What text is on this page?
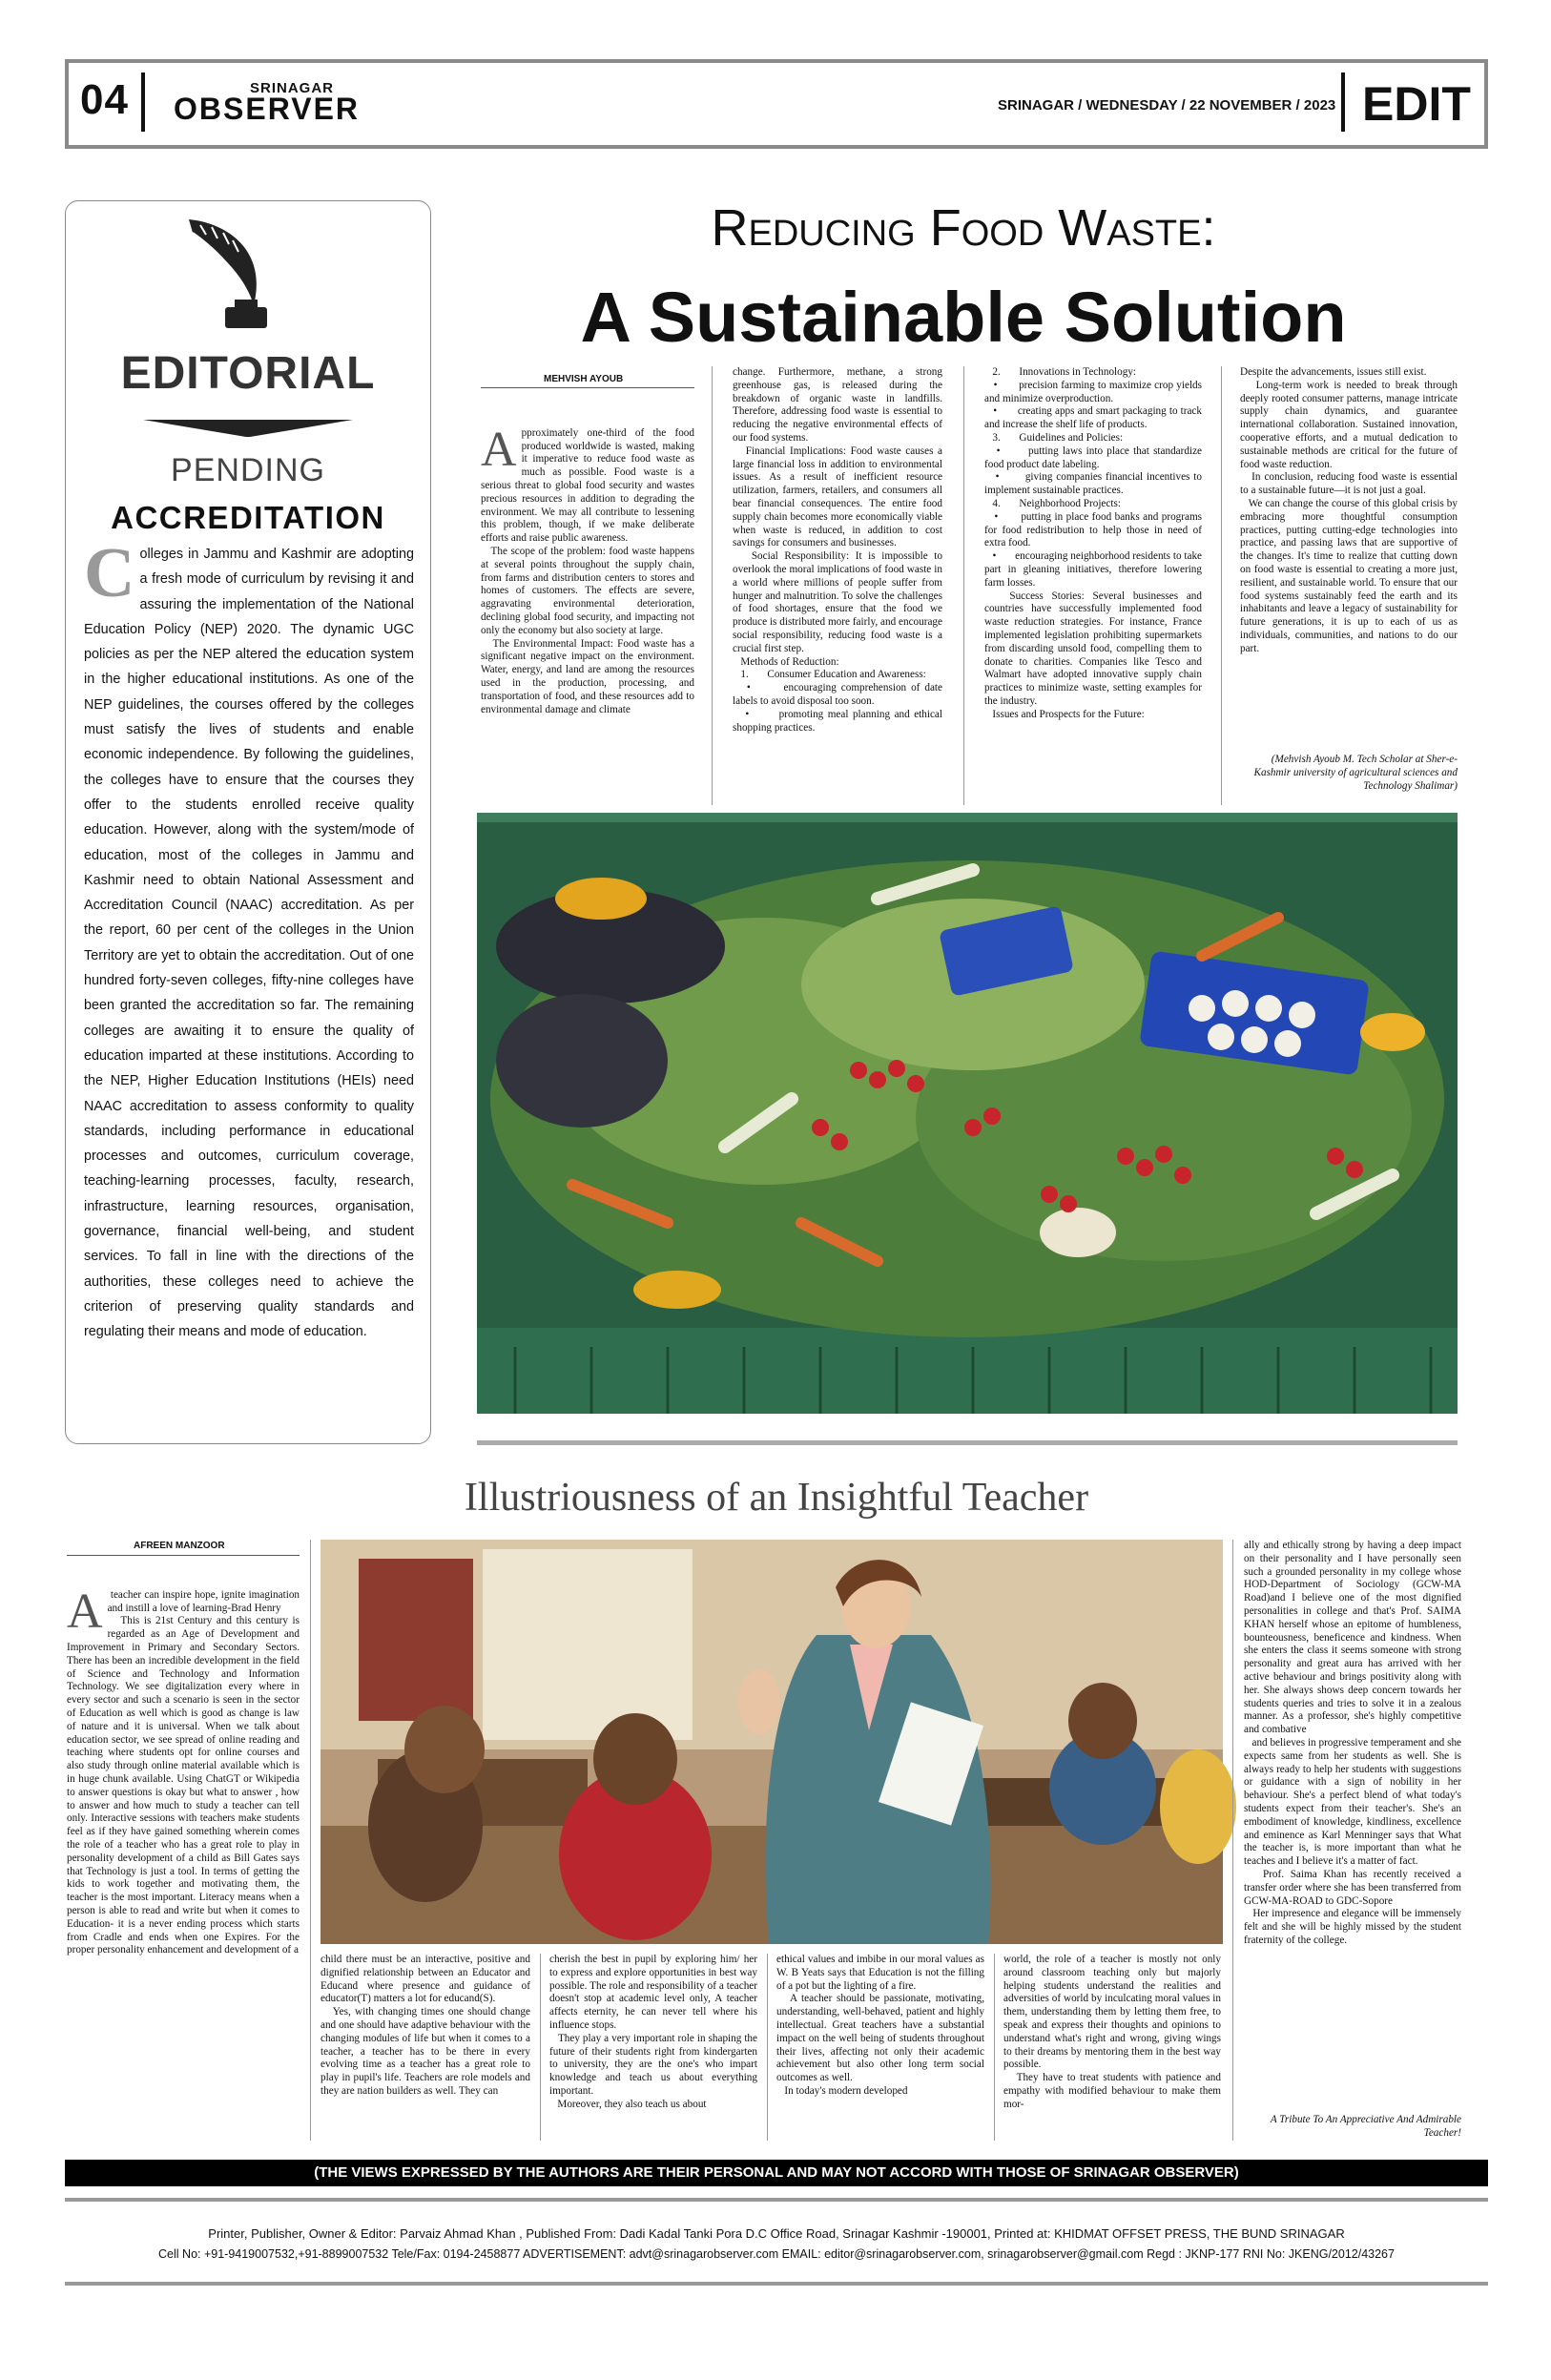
04	SRINAGAR
OBSERVER	SRINAGAR / WEDNESDAY / 22 NOVEMBER / 2023 EDIT
EDITORIAL
PENDING
ACCREDITATION
Colleges in Jammu and Kashmir are adopting a fresh mode of curriculum by revising it and assuring the implementation of the National Education Policy (NEP) 2020. The dynamic UGC policies as per the NEP altered the education system in the higher educational institutions. As one of the NEP guidelines, the courses offered by the colleges must satisfy the lives of students and enable economic independence. By following the guidelines, the colleges have to ensure that the courses they offer to the students enrolled receive quality education. However, along with the system/mode of education, most of the colleges in Jammu and Kashmir need to obtain National Assessment and Accreditation Council (NAAC) accreditation. As per the report, 60 per cent of the colleges in the Union Territory are yet to obtain the accreditation. Out of one hundred forty-seven colleges, fifty-nine colleges have been granted the accreditation so far. The remaining colleges are awaiting it to ensure the quality of education imparted at these institutions. According to the NEP, Higher Education Institutions (HEIs) need NAAC accreditation to assess conformity to quality standards, including performance in educational processes and outcomes, curriculum coverage, teaching-learning processes, faculty, research, infrastructure, learning resources, organisation, governance, financial well-being, and student services. To fall in line with the directions of the authorities, these colleges need to achieve the criterion of preserving quality standards and regulating their means and mode of education.
Reducing Food Waste:
A Sustainable Solution
MEHVISH AYOUB

Approximately one-third of the food produced worldwide is wasted, making it imperative to reduce food waste as much as possible. Food waste is a serious threat to global food security and wastes precious resources in addition to degrading the environment. We may all contribute to lessening this problem, though, if we make deliberate efforts and raise public awareness.
The scope of the problem: food waste happens at several points throughout the supply chain, from farms and distribution centers to stores and homes of customers. The effects are severe, aggravating environmental deterioration, declining global food security, and impacting not only the economy but also society at large.
The Environmental Impact: Food waste has a significant negative impact on the environment. Water, energy, and land are among the resources used in the production, processing, and transportation of food, and these resources add to environmental damage and climate
change. Furthermore, methane, a strong greenhouse gas, is released during the breakdown of organic waste in landfills. Therefore, addressing food waste is essential to reducing the negative environmental effects of our food systems.
Financial Implications: Food waste causes a large financial loss in addition to environmental issues. As a result of inefficient resource utilization, farmers, retailers, and consumers all bear financial consequences. The entire food supply chain becomes more economically viable when waste is reduced, in addition to cost savings for consumers and businesses.
Social Responsibility: It is impossible to overlook the moral implications of food waste in a world where millions of people suffer from hunger and malnutrition. To solve the challenges of food shortages, ensure that the food we produce is distributed more fairly, and encourage social responsibility, reducing food waste is a crucial first step.
Methods of Reduction:
1.       Consumer Education and Awareness:
•       encouraging comprehension of date labels to avoid disposal too soon.
•       promoting meal planning and ethical shopping practices.
2.       Innovations in Technology:
•       precision farming to maximize crop yields and minimize overproduction.
•       creating apps and smart packaging to track and increase the shelf life of products.
3.       Guidelines and Policies:
•       putting laws into place that standardize food product date labeling.
•       giving companies financial incentives to implement sustainable practices.
4.       Neighborhood Projects:
•       putting in place food banks and programs for food redistribution to help those in need of extra food.
•       encouraging neighborhood residents to take part in gleaning initiatives, therefore lowering farm losses.
Success Stories: Several businesses and countries have successfully implemented food waste reduction strategies. For instance, France implemented legislation prohibiting supermarkets from discarding unsold food, compelling them to donate to charities. Companies like Tesco and Walmart have adopted innovative supply chain practices to minimize waste, setting examples for the industry.
Issues and Prospects for the Future:
Despite the advancements, issues still exist.
Long-term work is needed to break through deeply rooted consumer patterns, manage intricate supply chain dynamics, and guarantee international collaboration. Sustained innovation, cooperative efforts, and a mutual dedication to sustainable methods are critical for the future of food waste reduction.
In conclusion, reducing food waste is essential to a sustainable future—it is not just a goal.
We can change the course of this global crisis by embracing more thoughtful consumption practices, putting cutting-edge technologies into practice, and passing laws that are supportive of the changes. It's time to realize that cutting down on food waste is essential to creating a more just, resilient, and sustainable world. To ensure that our food systems sustainably feed the earth and its inhabitants and leave a legacy of sustainability for future generations, it is up to each of us as individuals, communities, and nations to do our part.
(Mehvish Ayoub M. Tech Scholar at Sher-e-Kashmir university of agricultural sciences and Technology Shalimar)
Illustriousness of an Insightful Teacher
AFREEN MANZOOR

A teacher can inspire hope, ignite imagination and instill a love of learning-Brad Henry
This is 21st Century and this century is regarded as an Age of Development and Improvement in Primary and Secondary Sectors. There has been an incredible development in the field of Science and Technology and Information Technology. We see digitalization every where in every sector and such a scenario is seen in the sector of Education as well which is good as change is law of nature and it is universal. When we talk about education sector, we see spread of online reading and teaching where students opt for online courses and also study through online material available which is in huge chunk available. Using ChatGT or Wikipedia to answer questions is okay but what to answer , how to answer and how much to study a teacher can tell only. Interactive sessions with teachers make students feel as if they have gained something wherein comes the role of a teacher who has a great role to play in personality development of a child as Bill Gates says that Technology is just a tool. In terms of getting the kids to work together and motivating them, the teacher is the most important. Literacy means when a person is able to read and write but when it comes to Education- it is a never ending process which starts from Cradle and ends when one Expires. For the proper personality enhancement and development of a
child there must be an interactive, positive and dignified relationship between an Educator and Educand where presence and guidance of educator(T) matters a lot for educand(S).
Yes, with changing times one should change and one should have adaptive behaviour with the changing modules of life but when it comes to a teacher, a teacher has to be there in every evolving time as a teacher has a great role to play in pupil's life. Teachers are role models and they are nation builders as well. They can
cherish the best in pupil by exploring him/ her to express and explore opportunities in best way possible. The role and responsibility of a teacher doesn't stop at academic level only, A teacher affects eternity, he can never tell where his influence stops.
They play a very important role in shaping the future of their students right from kindergarten to university, they are the one's who impart knowledge and teach us about everything important.
Moreover, they also teach us about
ethical values and imbibe in our moral values as W. B Yeats says that Education is not the filling of a pot but the lighting of a fire.
A teacher should be passionate, motivating, understanding, well-behaved, patient and highly intellectual. Great teachers have a substantial impact on the well being of students throughout their lives, affecting not only their academic achievement but also other long term social outcomes as well.
In today's modern developed
world, the role of a teacher is mostly not only around classroom teaching only but majorly helping students understand the realities and adversities of world by inculcating moral values in them, understanding them by letting them free, to speak and express their thoughts and opinions to understand what's right and wrong, giving wings to their dreams by mentoring them in the best way possible.
They have to treat students with patience and empathy with modified behaviour to make them mor-
ally and ethically strong by having a deep impact on their personality and I have personally seen such a grounded personality in my college whose HOD-Department of Sociology (GCW-MA Road)and I believe one of the most dignified personalities in college and that's Prof. SAIMA KHAN herself whose an epitome of humbleness, bounteousness, beneficence and kindness. When she enters the class it seems someone with strong personality and great aura has arrived with her active behaviour and brings positivity along with her. She always shows deep concern towards her students queries and tries to solve it in a zealous manner. As a professor, she's highly competitive and combative
and believes in progressive temperament and she expects same from her students as well. She is always ready to help her students with suggestions or guidance with a sign of nobility in her behaviour. She's a perfect blend of what today's students expect from their teacher's. She's an embodiment of knowledge, kindliness, excellence and eminence as Karl Menninger says that What the teacher is, is more important than what he teaches and I believe it's a matter of fact.
Prof. Saima Khan has recently received a transfer order where she has been transferred from GCW-MA-ROAD to GDC-Sopore
Her impresence and elegance will be immensely felt and she will be highly missed by the student fraternity of the college.
A Tribute To An Appreciative And Admirable Teacher!
(THE VIEWS EXPRESSED BY THE AUTHORS ARE THEIR PERSONAL AND MAY NOT ACCORD WITH THOSE OF SRINAGAR OBSERVER)
Printer, Publisher, Owner & Editor: Parvaiz Ahmad Khan , Published From: Dadi Kadal Tanki Pora D.C Office Road, Srinagar Kashmir -190001, Printed at: KHIDMAT OFFSET PRESS, THE BUND SRINAGAR
Cell No: +91-9419007532,+91-8899007532 Tele/Fax: 0194-2458877 ADVERTISEMENT: advt@srinagarobserver.com EMAIL: editor@srinagarobserver.com, srinagarobserver@gmail.com Regd : JKNP-177 RNI No: JKENG/2012/43267
